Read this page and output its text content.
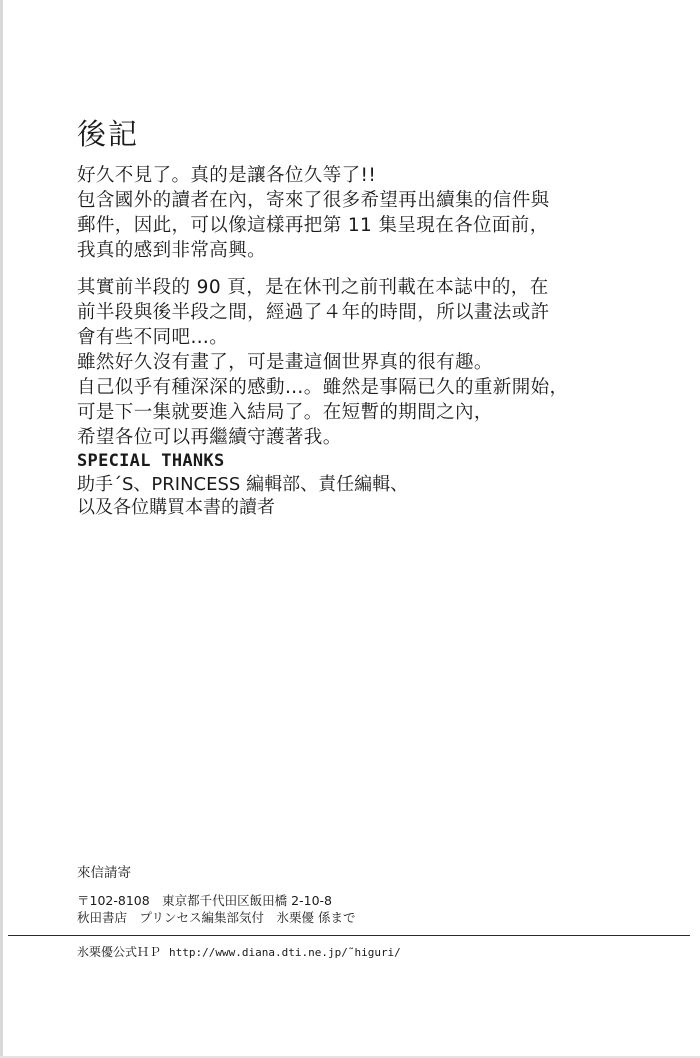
後記

好久不見了。真的是讓各位久等了!!

包含國外的讀者在內，寄來了很多希望再出續集的信件與

郵件，因此，可以像這樣再把第 11 集呈現在各位面前，

我真的感到非常高興。

其實前半段的 90 頁，是在休刊之前刊載在本誌中的，在

前半段與後半段之間，經過了４年的時間，所以畫法或許

會有些不同吧…。

雖然好久沒有畫了，可是畫這個世界真的很有趣。

自己似乎有種深深的感動…。雖然是事隔已久的重新開始，

可是下一集就要進入結局了。在短暫的期間之內，

希望各位可以再繼續守護著我。

SPECIAL THANKS

助手´S、PRINCESS 編輯部、責任編輯、

以及各位購買本書的讀者

來信請寄

〒102-8108　東京都千代田区飯田橋 2-10-8

秋田書店　プリンセス編集部気付　氷栗優 係まで

氷栗優公式ＨＰ http://www.diana.dti.ne.jp/˜higuri/
